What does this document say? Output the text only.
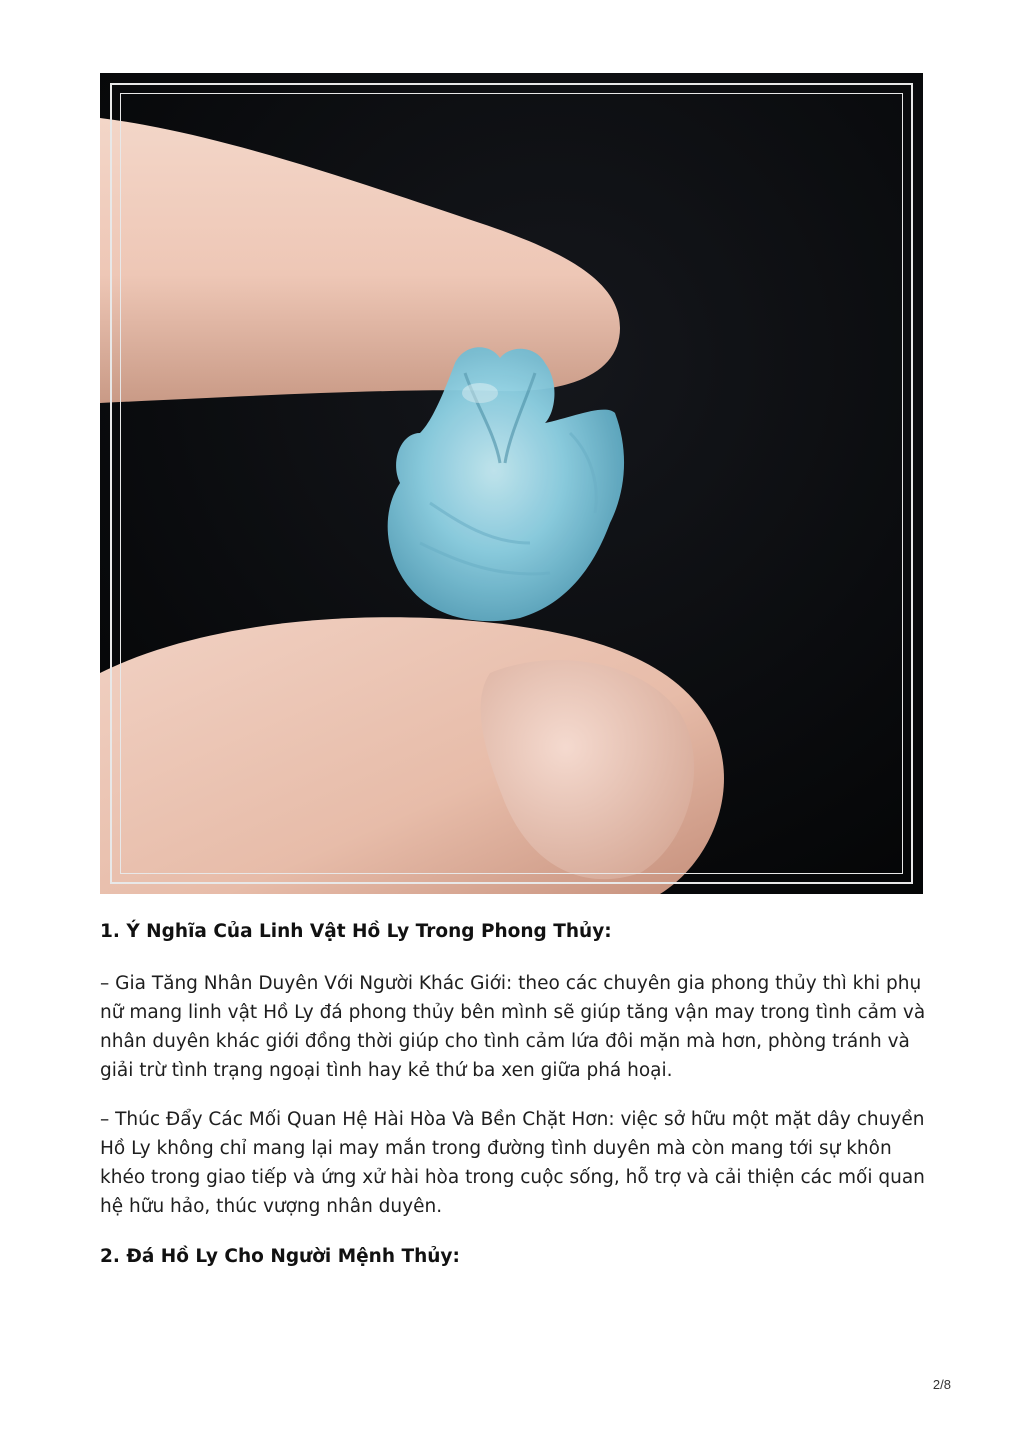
1. Ý Nghĩa Của Linh Vật Hồ Ly Trong Phong Thủy:

– Gia Tăng Nhân Duyên Với Người Khác Giới: theo các chuyên gia phong thủy thì khi phụ nữ mang linh vật Hồ Ly đá phong thủy bên mình sẽ giúp tăng vận may trong tình cảm và nhân duyên khác giới đồng thời giúp cho tình cảm lứa đôi mặn mà hơn, phòng tránh và giải trừ tình trạng ngoại tình hay kẻ thứ ba xen giữa phá hoại.

– Thúc Đẩy Các Mối Quan Hệ Hài Hòa Và Bền Chặt Hơn: việc sở hữu một mặt dây chuyền Hồ Ly không chỉ mang lại may mắn trong đường tình duyên mà còn mang tới sự khôn khéo trong giao tiếp và ứng xử hài hòa trong cuộc sống, hỗ trợ và cải thiện các mối quan hệ hữu hảo, thúc vượng nhân duyên.

2. Đá Hồ Ly Cho Người Mệnh Thủy:
2/8
